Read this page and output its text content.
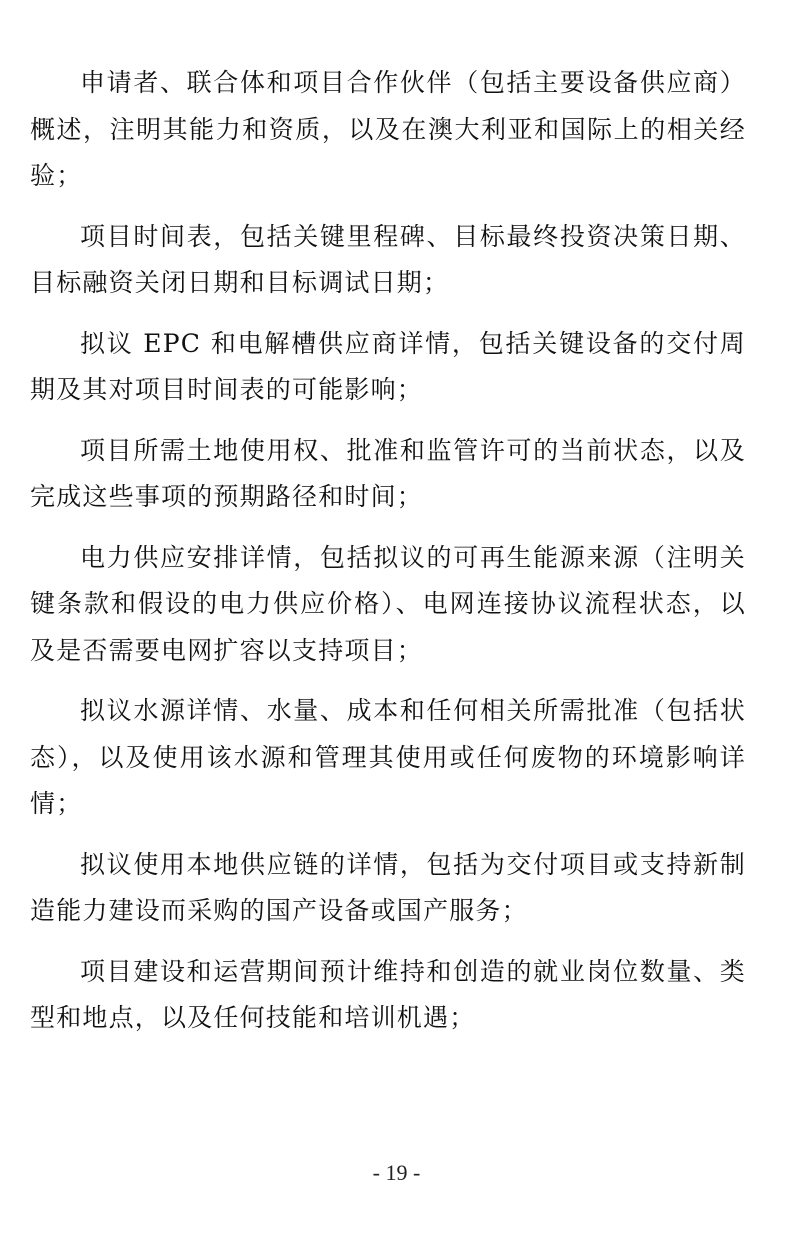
申请者、联合体和项目合作伙伴（包括主要设备供应商）概述，注明其能力和资质，以及在澳大利亚和国际上的相关经验；

项目时间表，包括关键里程碑、目标最终投资决策日期、目标融资关闭日期和目标调试日期；

拟议 EPC 和电解槽供应商详情，包括关键设备的交付周期及其对项目时间表的可能影响；

项目所需土地使用权、批准和监管许可的当前状态，以及完成这些事项的预期路径和时间；

电力供应安排详情，包括拟议的可再生能源来源（注明关键条款和假设的电力供应价格）、电网连接协议流程状态，以及是否需要电网扩容以支持项目；

拟议水源详情、水量、成本和任何相关所需批准（包括状态），以及使用该水源和管理其使用或任何废物的环境影响详情；

拟议使用本地供应链的详情，包括为交付项目或支持新制造能力建设而采购的国产设备或国产服务；

项目建设和运营期间预计维持和创造的就业岗位数量、类型和地点，以及任何技能和培训机遇；

- 19 -
